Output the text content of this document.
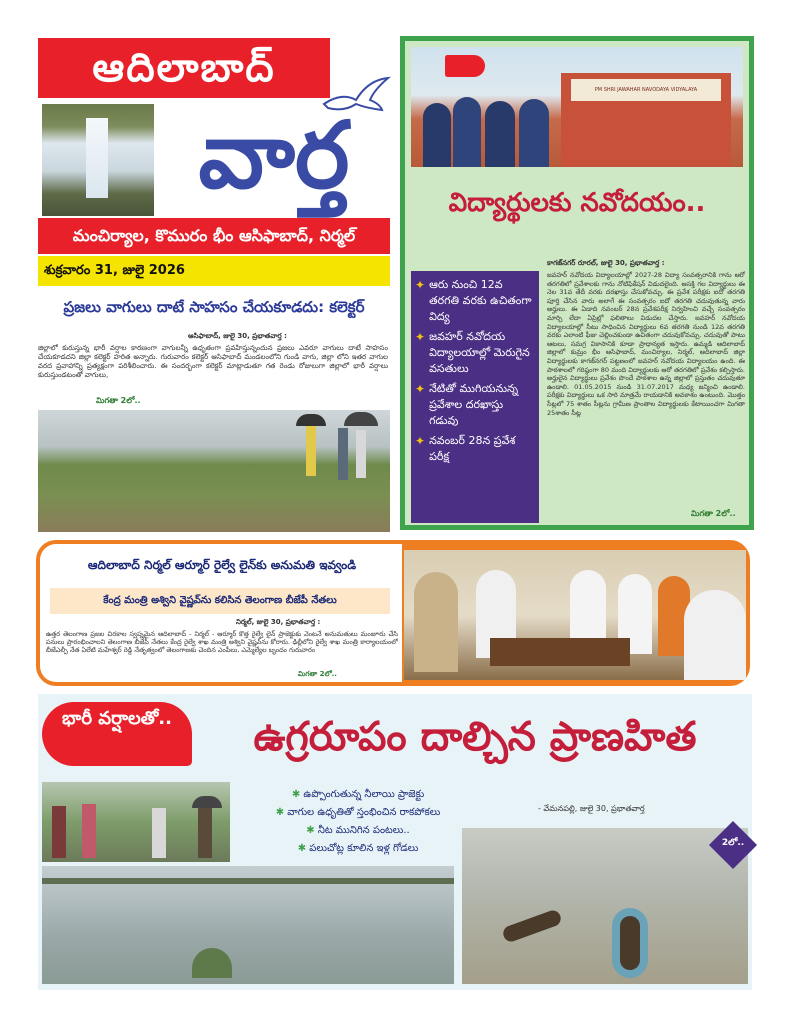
ఆదిలాబాద్
వార్త
మంచిర్యాల, కొమురం భీం ఆసిఫాబాద్, నిర్మల్
శుక్రవారం 31, జులై 2026
ప్రజలు వాగులు దాటే సాహసం చేయకూడదు: కలెక్టర్
ఆసిఫాబాద్, జులై 30, ప్రభాతవార్త :
జిల్లాలో కురుస్తున్న భారీ వర్షాల కారణంగా వాగులన్నీ ఉధృతంగా ప్రవహిస్తున్నందున ప్రజలు ఎవరూ వాగులు దాటే సాహసం చేయకూడదని జిల్లా కలెక్టర్ హరిత అన్నారు. గురువారం కలెక్టర్ ఆసిఫాబాద్ మండలంలోని గుండి వాగు, జిల్లా లోని ఇతర వాగుల వరద ప్రవాహాన్ని ప్రత్యక్షంగా పరిశీలించారు. ఈ సందర్భంగా కలెక్టర్ మాట్లాడుతూ గత రెండు రోజులుగా జిల్లాలో భారీ వర్షాలు కురుస్తుండటంతో వాగులు,
మిగతా 2లో..
PM SHRI JAWAHAR NAVODAYA VIDYALAYA
విద్యార్థులకు నవోదయం..
✦ ఆరు నుంచి 12వ తరగతి వరకు ఉచితంగా విద్య
✦ జవహర్ నవోదయ విద్యాలయాల్లో మెరుగైన వసతులు
✦ నేటితో ముగియనున్న ప్రవేశాల దరఖాస్తు గడువు
✦ నవంబర్ 28న ప్రవేశ పరీక్ష
కాగజ్‌నగర్ రూరల్, జులై 30, ప్రభాతవార్త :
జవహర్ నవోదయ విద్యాలయాల్లో 2027-28 విద్యా సంవత్సరానికి గాను ఆరో తరగతిలో ప్రవేశాలకు గాను నోటిఫికేషన్ విడుదలైంది. ఆసక్తి గల విద్యార్థులు ఈ నెల 31వ తేదీ వరకు దరఖాస్తు చేసుకోవచ్చు. ఈ ప్రవేశ పరీక్షకు ఐదో తరగతి పూర్తి చేసిన వారు అలాగే ఈ సంవత్సరం ఐదో తరగతి చదువుతున్న వారు అర్హులు. ఈ ఏడాది నవంబర్ 28న ప్రవేశపరీక్ష నిర్వహించి వచ్చే సంవత్సరం మార్చి లేదా ఏప్రిల్లో ఫలితాలు విడుదల చేస్తారు. జవహర్ నవోదయ విద్యాలయాల్లో సీటు సాధించిన విద్యార్థులు 6వ తరగతి నుండి 12వ తరగతి వరకు ఎలాంటి ఫీజు చెల్లించకుండా ఉచితంగా చదువుకోవచ్చు. చదువుతో పాటు ఆటలు, సమగ్ర వికాసానికి కూడా ప్రాధాన్యత ఇస్తారు. ఉమ్మడి ఆదిలాబాద్ జిల్లాలో కుమ్రం భీం ఆసిఫాబాద్, మంచిర్యాల, నిర్మల్, ఆదిలాబాద్ జిల్లా విద్యార్థులకు కాగజ్‌నగర్ పట్టణంలో జవహర్ నవోదయ విద్యాలయం ఉంది. ఈ పాఠశాలలో గరిష్ఠంగా 80 మంది విద్యార్థులకు ఆరో తరగతిలో ప్రవేశం కల్పిస్తారు. అర్హులైన విద్యార్థులు ప్రవేశం పొందే పాఠశాల ఉన్న జిల్లాలో ప్రస్తుతం చదువుతూ ఉండాలి. 01.05.2015 నుండి 31.07.2017 మధ్య జన్మించి ఉండాలి. పరీక్షకు విద్యార్థులు ఒక సారి మాత్రమే రాయడానికి అవకాశం ఉంటుంది. మొత్తం సీట్లలో 75 శాతం సీట్లను గ్రామీణ ప్రాంతాల విద్యార్థులకు కేటాయించగా మిగతా 25శాతం సీట్ల
మిగతా 2లో..
ఆదిలాబాద్ నిర్మల్ ఆర్మూర్ రైల్వే లైన్‌కు అనుమతి ఇవ్వండి
కేంద్ర మంత్రి అశ్విని వైష్ణవ్‌ను కలిసిన తెలంగాణ బీజేపీ నేతలు
నిర్మల్, జులై 30, ప్రభాతవార్త :
ఉత్తర తెలంగాణ ప్రజల చిరకాల స్వప్నమైన ఆదిలాబాద్ - నిర్మల్ - ఆర్మూర్ కొత్త రైల్వే లైన్ ప్రాజెక్టుకు వెంటనే అనుమతులు మంజూరు చేసి పనులు ప్రారంభించాలని తెలంగాణ బీజేపీ నేతలు కేంద్ర రైల్వే శాఖ మంత్రి అశ్విని వైష్ణవ్‌ను కోరారు. ఢిల్లీలోని రైల్వే శాఖ మంత్రి కార్యాలయంలో బీజేఎల్పీ నేత ఏలేటి మహేశ్వర్ రెడ్డి నేతృత్వంలో తెలంగాణకు చెందిన ఎంపీలు, ఎమ్మెల్యేల బృందం గురువారం
మిగతా 2లో..
భారీ వర్షాలతో..	ఉగ్రరూపం దాల్చిన ప్రాణహిత
✱ ఉప్పొంగుతున్న నీలాయి ప్రాజెక్టు
✱ వాగుల ఉధృతితో స్తంభించిన రాకపోకలు
✱ నీట మునిగిన పంటలు..
✱ పలుచోట్ల కూలిన ఇళ్ల గోడలు
- వేమనపల్లి, జులై 30, ప్రభాతవార్త
2లో..
